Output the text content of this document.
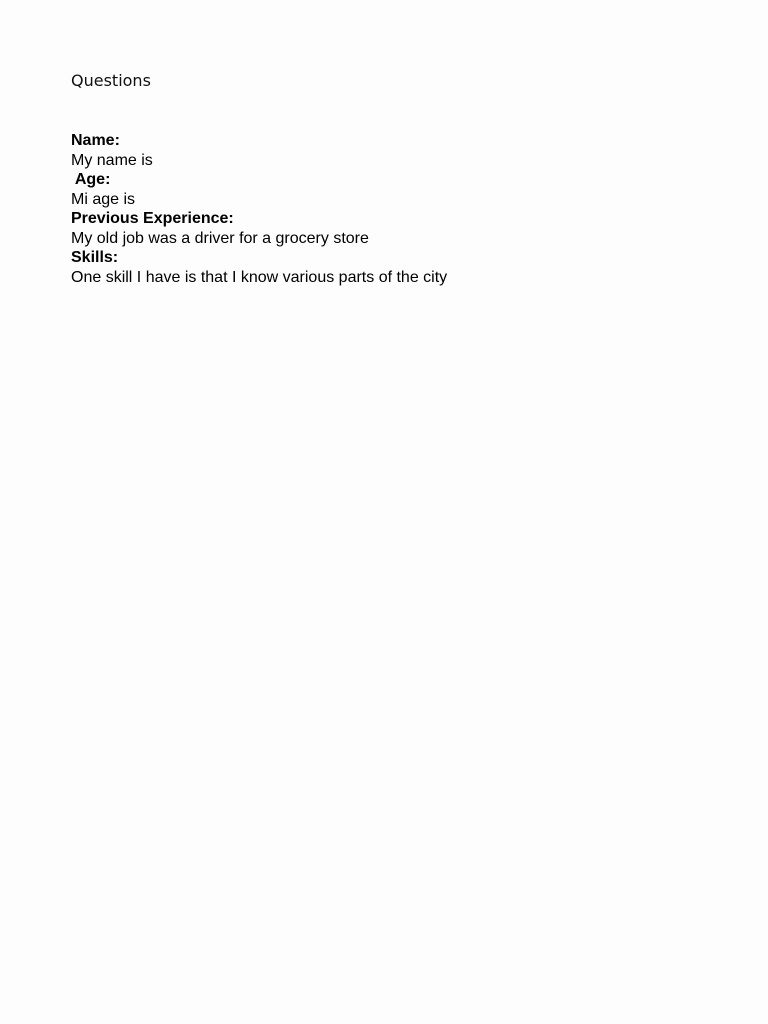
Questions
Name:
My name is
Age:
Mi age is
Previous Experience:
My old job was a driver for a grocery store
Skills:
One skill I have is that I know various parts of the city
